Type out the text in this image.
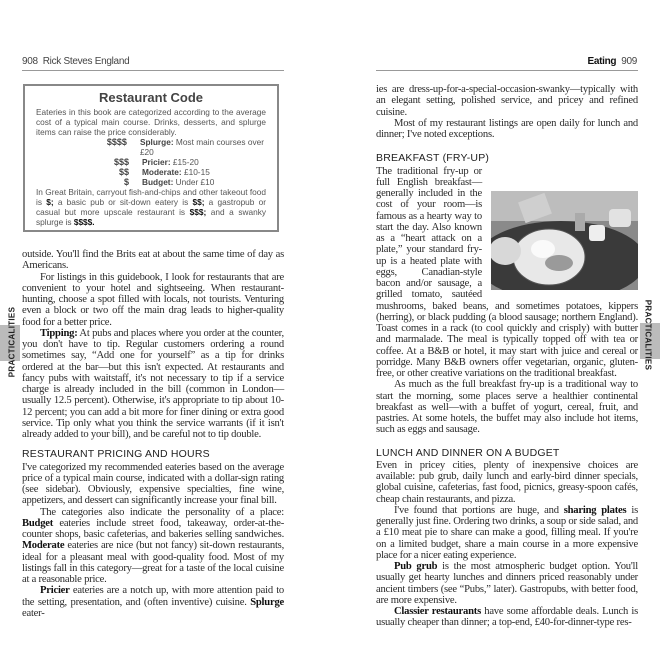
908 Rick Steves England	Eating 909
Restaurant Code
Eateries in this book are categorized according to the average cost of a typical main course. Drinks, desserts, and splurge items can raise the price considerably.
$$$$	Splurge: Most main courses over £20
$$$	Pricier: £15-20
$$	Moderate: £10-15
$	Budget: Under £10
In Great Britain, carryout fish-and-chips and other takeout food is $; a basic pub or sit-down eatery is $$; a gastropub or casual but more upscale restaurant is $$$; and a swanky splurge is $$$$.

outside. You'll find the Brits eat at about the same time of day as Americans.

For listings in this guidebook, I look for restaurants that are convenient to your hotel and sightseeing. When restaurant-hunting, choose a spot filled with locals, not tourists. Venturing even a block or two off the main drag leads to higher-quality food for a better price.

Tipping: At pubs and places where you order at the counter, you don't have to tip. Regular customers ordering a round sometimes say, “Add one for yourself” as a tip for drinks ordered at the bar—but this isn't expected. At restaurants and fancy pubs with waitstaff, it's not necessary to tip if a service charge is already included in the bill (common in London—usually 12.5 percent). Otherwise, it's appropriate to tip about 10-12 percent; you can add a bit more for finer dining or extra good service. Tip only what you think the service warrants (if it isn't already added to your bill), and be careful not to tip double.

RESTAURANT PRICING AND HOURS

I've categorized my recommended eateries based on the average price of a typical main course, indicated with a dollar-sign rating (see sidebar). Obviously, expensive specialties, fine wine, appetizers, and dessert can significantly increase your final bill.

The categories also indicate the personality of a place: Budget eateries include street food, takeaway, order-at-the-counter shops, basic cafeterias, and bakeries selling sandwiches. Moderate eateries are nice (but not fancy) sit-down restaurants, ideal for a pleasant meal with good-quality food. Most of my listings fall in this category—great for a taste of the local cuisine at a reasonable price.

Pricier eateries are a notch up, with more attention paid to the setting, presentation, and (often inventive) cuisine. Splurge eater-

ies are dress-up-for-a-special-occasion-swanky—typically with an elegant setting, polished service, and pricey and refined cuisine.

Most of my restaurant listings are open daily for lunch and dinner; I've noted exceptions.

BREAKFAST (FRY-UP)

The traditional fry-up or full English breakfast—generally included in the cost of your room—is famous as a hearty way to start the day. Also known as a “heart attack on a plate,” your standard fry-up is a heated plate with eggs, Canadian-style bacon and/or sausage, a grilled tomato, sautéed mushrooms, baked beans, and sometimes potatoes, kippers (herring), or black pudding (a blood sausage; northern England). Toast comes in a rack (to cool quickly and crisply) with butter and marmalade. The meal is typically topped off with tea or coffee. At a B&B or hotel, it may start with juice and cereal or porridge. Many B&B owners offer vegetarian, organic, gluten-free, or other creative variations on the traditional breakfast.

As much as the full breakfast fry-up is a traditional way to start the morning, some places serve a healthier continental breakfast as well—with a buffet of yogurt, cereal, fruit, and pastries. At some hotels, the buffet may also include hot items, such as eggs and sausage.

LUNCH AND DINNER ON A BUDGET

Even in pricey cities, plenty of inexpensive choices are available: pub grub, daily lunch and early-bird dinner specials, global cuisine, cafeterias, fast food, picnics, greasy-spoon cafés, cheap chain restaurants, and pizza.

I've found that portions are huge, and sharing plates is generally just fine. Ordering two drinks, a soup or side salad, and a £10 meat pie to share can make a good, filling meal. If you're on a limited budget, share a main course in a more expensive place for a nicer eating experience.

Pub grub is the most atmospheric budget option. You'll usually get hearty lunches and dinners priced reasonably under ancient timbers (see “Pubs,” later). Gastropubs, with better food, are more expensive.

Classier restaurants have some affordable deals. Lunch is usually cheaper than dinner; a top-end, £40-for-dinner-type res-

PRACTICALITIES	PRACTICALITIES
